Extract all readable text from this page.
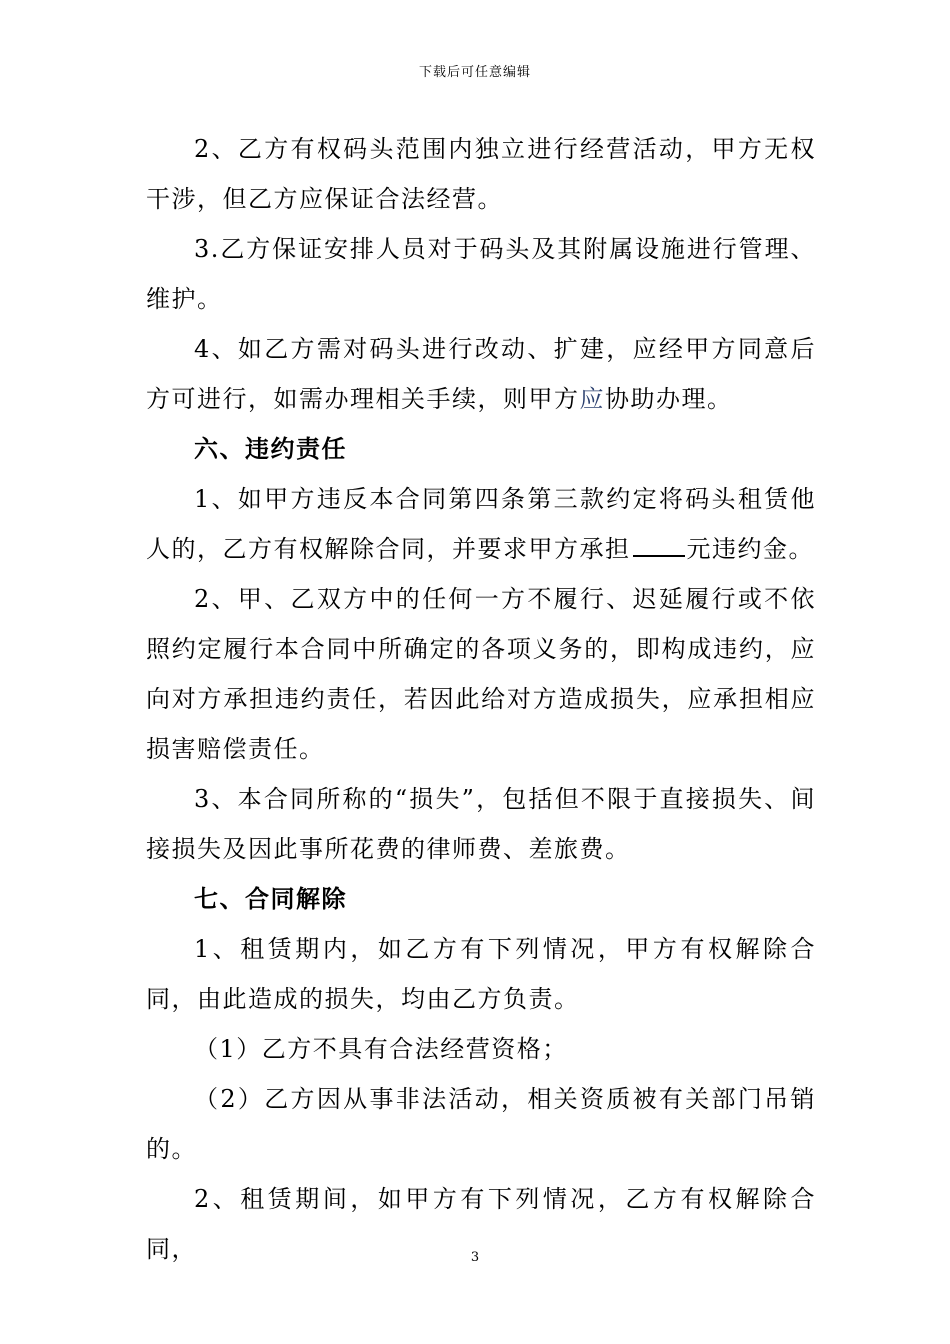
下载后可任意编辑

2、乙方有权码头范围内独立进行经营活动，甲方无权干涉，但乙方应保证合法经营。

3.乙方保证安排人员对于码头及其附属设施进行管理、维护。

4、如乙方需对码头进行改动、扩建，应经甲方同意后方可进行，如需办理相关手续，则甲方应协助办理。

六、违约责任

1、如甲方违反本合同第四条第三款约定将码头租赁他人的，乙方有权解除合同，并要求甲方承担 元违约金。

2、甲、乙双方中的任何一方不履行、迟延履行或不依照约定履行本合同中所确定的各项义务的，即构成违约，应向对方承担违约责任，若因此给对方造成损失，应承担相应损害赔偿责任。

3、本合同所称的“损失”，包括但不限于直接损失、间接损失及因此事所花费的律师费、差旅费。

七、合同解除

1、租赁期内，如乙方有下列情况，甲方有权解除合同，由此造成的损失，均由乙方负责。

（1）乙方不具有合法经营资格；

（2）乙方因从事非法活动，相关资质被有关部门吊销的。

2、租赁期间，如甲方有下列情况，乙方有权解除合同，	3
